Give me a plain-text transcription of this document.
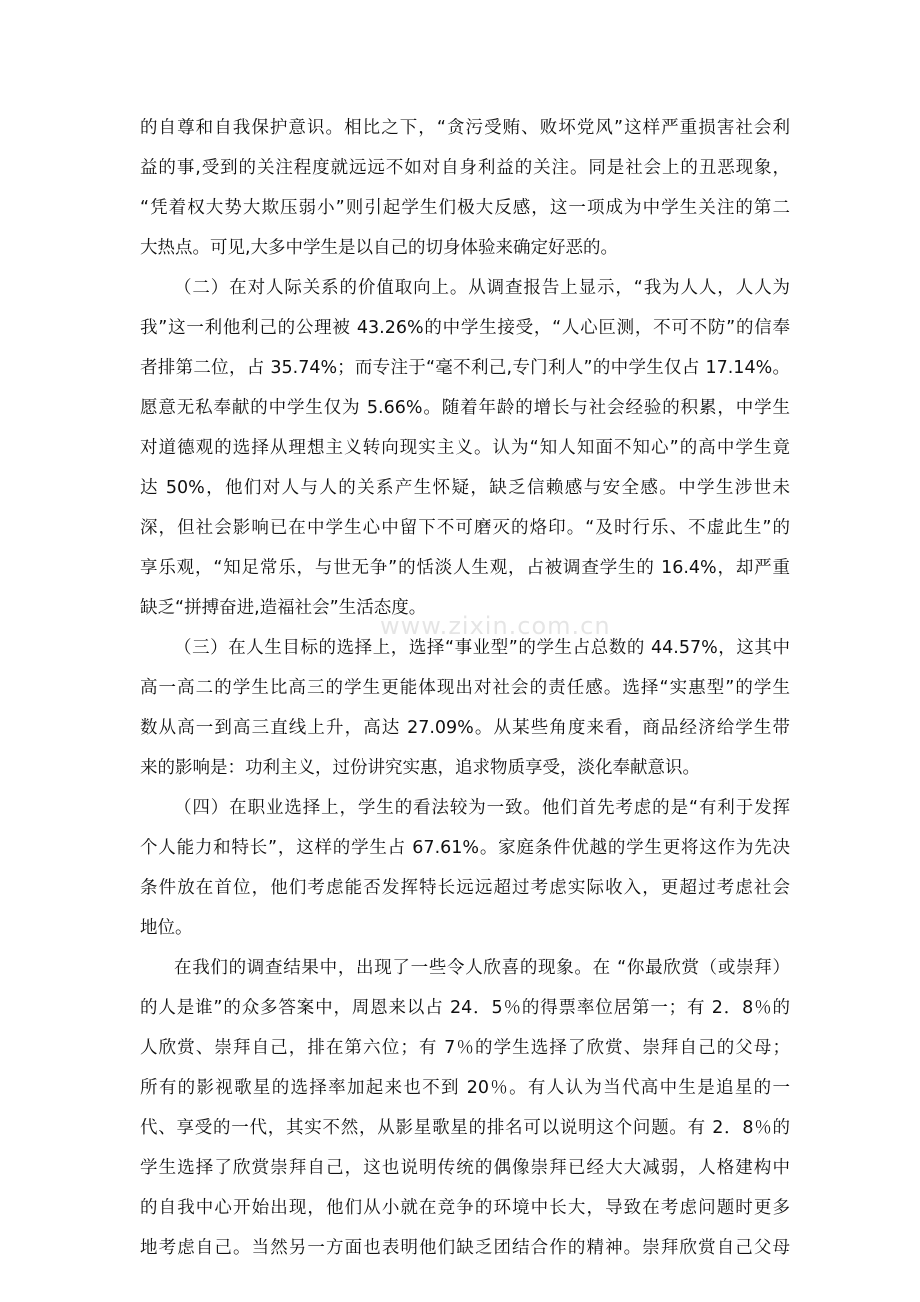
www.zixin.com.cn
的自尊和自我保护意识。相比之下，“贪污受贿、败坏党风”这样严重损害社会利
益的事,受到的关注程度就远远不如对自身利益的关注。同是社会上的丑恶现象，
“凭着权大势大欺压弱小”则引起学生们极大反感，这一项成为中学生关注的第二
大热点。可见,大多中学生是以自己的切身体验来确定好恶的。
（二）在对人际关系的价值取向上。从调查报告上显示，“我为人人，人人为
我”这一利他利己的公理被 43.26%的中学生接受，“人心叵测，不可不防”的信奉
者排第二位，占 35.74%；而专注于“毫不利己,专门利人”的中学生仅占 17.14%。
愿意无私奉献的中学生仅为 5.66%。随着年龄的增长与社会经验的积累，中学生
对道德观的选择从理想主义转向现实主义。认为“知人知面不知心”的高中学生竟
达 50%，他们对人与人的关系产生怀疑，缺乏信赖感与安全感。中学生涉世未
深，但社会影响已在中学生心中留下不可磨灭的烙印。“及时行乐、不虚此生”的
享乐观，“知足常乐，与世无争”的恬淡人生观，占被调查学生的 16.4%，却严重
缺乏“拼搏奋进,造福社会”生活态度。
（三）在人生目标的选择上，选择“事业型”的学生占总数的 44.57%，这其中
高一高二的学生比高三的学生更能体现出对社会的责任感。选择“实惠型”的学生
数从高一到高三直线上升，高达 27.09%。从某些角度来看，商品经济给学生带
来的影响是：功利主义，过份讲究实惠，追求物质享受，淡化奉献意识。
（四）在职业选择上，学生的看法较为一致。他们首先考虑的是“有利于发挥
个人能力和特长”，这样的学生占 67.61%。家庭条件优越的学生更将这作为先决
条件放在首位，他们考虑能否发挥特长远远超过考虑实际收入，更超过考虑社会
地位。
在我们的调查结果中，出现了一些令人欣喜的现象。在 “你最欣赏（或崇拜）
的人是谁”的众多答案中，周恩来以占 24．5％的得票率位居第一；有 2．8％的
人欣赏、崇拜自己，排在第六位；有 7％的学生选择了欣赏、崇拜自己的父母；
所有的影视歌星的选择率加起来也不到 20％。有人认为当代高中生是追星的一
代、享受的一代，其实不然，从影星歌星的排名可以说明这个问题。有 2．8％的
学生选择了欣赏崇拜自己，这也说明传统的偶像崇拜已经大大减弱，人格建构中
的自我中心开始出现，他们从小就在竞争的环境中长大，导致在考虑问题时更多
地考虑自己。当然另一方面也表明他们缺乏团结合作的精神。崇拜欣赏自己父母
